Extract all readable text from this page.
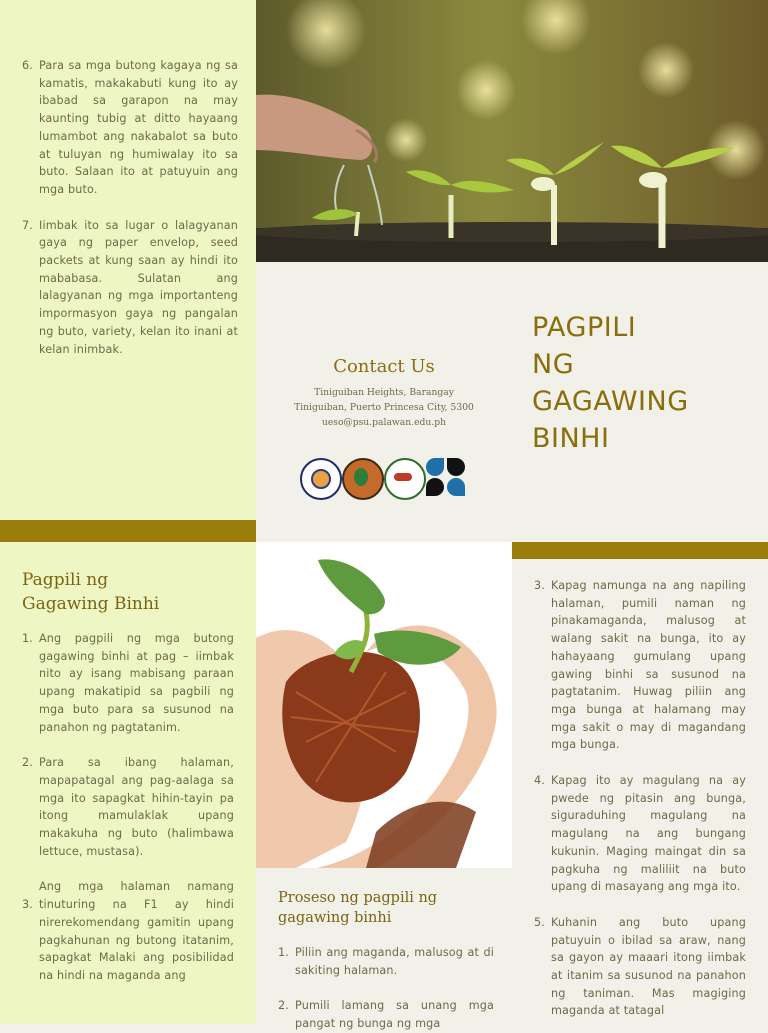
6. Para sa mga butong kagaya ng sa kamatis, makakabuti kung ito ay ibabad sa garapon na may kaunting tubig at ditto hayaang lumambot ang nakabalot sa buto at tuluyan ng humiwalay ito sa buto. Salaan ito at patuyuin ang mga buto.
7. Iimbak ito sa lugar o lalagyanan gaya ng paper envelop, seed packets at kung saan ay hindi ito mababasa. Sulatan ang lalagyanan ng mga importanteng impormasyon gaya ng pangalan ng buto, variety, kelan ito inani at kelan inimbak.
Contact Us
Tiniguiban Heights, Barangay
Tiniguiban, Puerto Princesa City, 5300
ueso@psu.palawan.edu.ph
PAGPILI
NG
GAGAWING
BINHI
Pagpili ng
Gagawing Binhi
1. Ang pagpili ng mga butong gagawing binhi at pag – iimbak nito ay isang mabisang paraan upang makatipid sa pagbili ng mga buto para sa susunod na panahon ng pagtatanim.
2. Para sa ibang halaman, mapapatagal ang pag-aalaga sa mga ito sapagkat hihin-tayin pa itong mamulaklak upang makakuha ng buto (halimbawa lettuce, mustasa).
3.
Ang mga halaman namang tinuturing na F1 ay hindi nirerekomendang gamitin upang pagkahunan ng butong itatanim, sapagkat Malaki ang posibilidad na hindi na maganda ang
Proseso ng pagpili ng
gagawing binhi
1. Piliin ang maganda, malusog at di sakiting halaman.
2. Pumili lamang sa unang mga pangat ng bunga ng mga
3. Kapag namunga na ang napiling halaman, pumili naman ng pinakamaganda, malusog at walang sakit na bunga, ito ay hahayaang gumulang upang gawing binhi sa susunod na pagtatanim. Huwag piliin ang mga bunga at halamang may mga sakit o may di magandang mga bunga.
4. Kapag ito ay magulang na ay pwede ng pitasin ang bunga, siguraduhing magulang na magulang na ang bungang kukunin. Maging maingat din sa pagkuha ng maliliit na buto upang di masayang ang mga ito.
5. Kuhanin ang buto upang patuyuin o ibilad sa araw, nang sa gayon ay maaari itong iimbak at itanim sa susunod na panahon ng taniman. Mas magiging maganda at tatagal
